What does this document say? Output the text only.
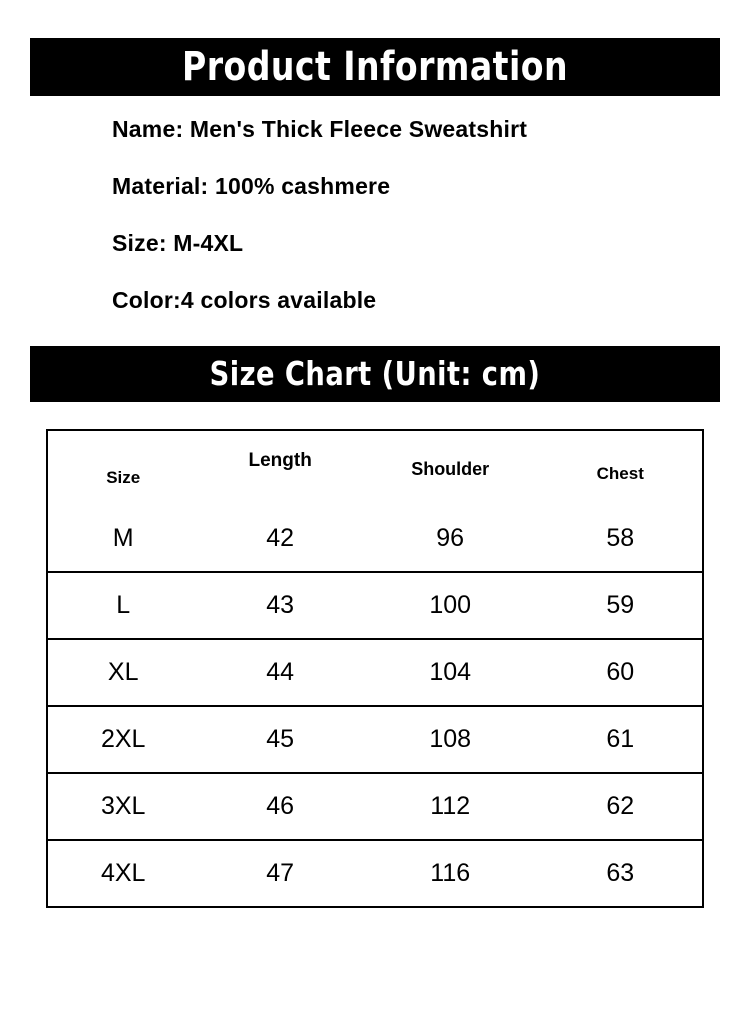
Product Information
Name: Men's Thick Fleece Sweatshirt
Material: 100% cashmere
Size: M-4XL
Color:4 colors available
Size Chart (Unit: cm)
Size	Length	Shoulder	Chest

M	42	96	58
L	43	100	59
XL	44	104	60
2XL	45	108	61
3XL	46	112	62
4XL	47	116	63
